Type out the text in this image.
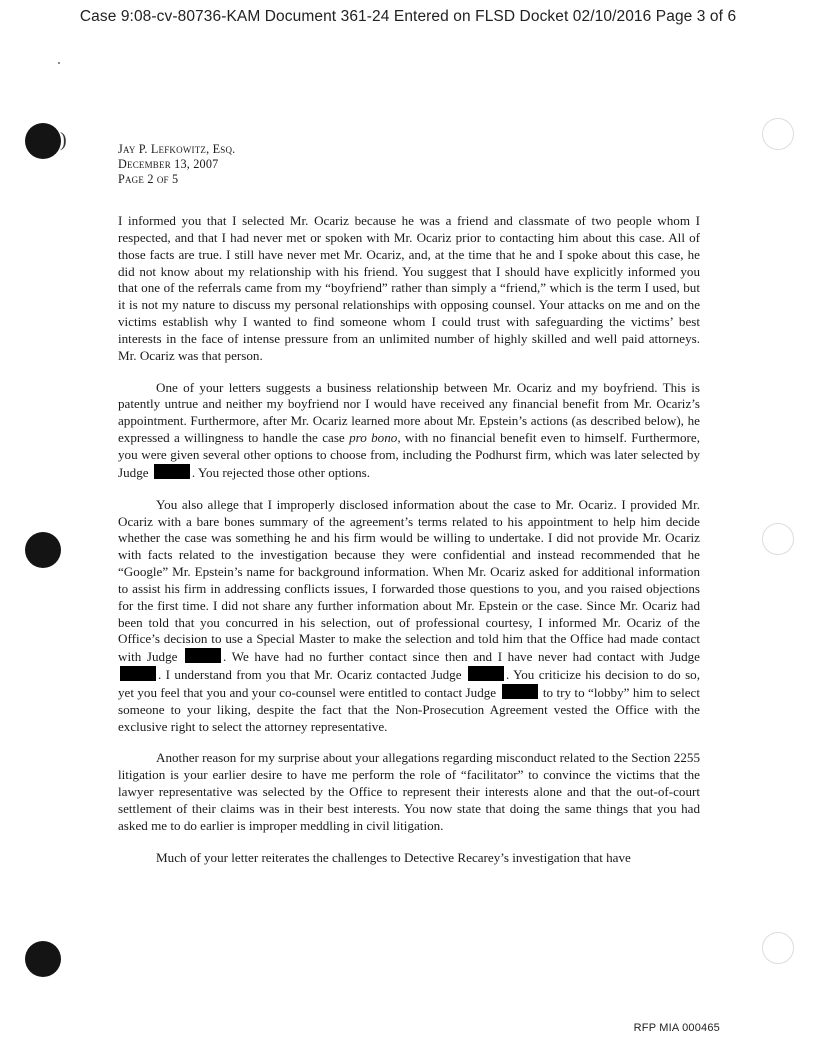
Case 9:08-cv-80736-KAM Document 361-24 Entered on FLSD Docket 02/10/2016 Page 3 of 6
)	Jay P. Lefkowitz, Esq.
December 13, 2007
Page 2 of 5

I informed you that I selected Mr. Ocariz because he was a friend and classmate of two people whom I respected, and that I had never met or spoken with Mr. Ocariz prior to contacting him about this case. All of those facts are true. I still have never met Mr. Ocariz, and, at the time that he and I spoke about this case, he did not know about my relationship with his friend. You suggest that I should have explicitly informed you that one of the referrals came from my “boyfriend” rather than simply a “friend,” which is the term I used, but it is not my nature to discuss my personal relationships with opposing counsel. Your attacks on me and on the victims establish why I wanted to find someone whom I could trust with safeguarding the victims’ best interests in the face of intense pressure from an unlimited number of highly skilled and well paid attorneys. Mr. Ocariz was that person.

One of your letters suggests a business relationship between Mr. Ocariz and my boyfriend. This is patently untrue and neither my boyfriend nor I would have received any financial benefit from Mr. Ocariz’s appointment. Furthermore, after Mr. Ocariz learned more about Mr. Epstein’s actions (as described below), he expressed a willingness to handle the case pro bono, with no financial benefit even to himself. Furthermore, you were given several other options to choose from, including the Podhurst firm, which was later selected by Judge	. You rejected those other options.

You also allege that I improperly disclosed information about the case to Mr. Ocariz. I provided Mr. Ocariz with a bare bones summary of the agreement’s terms related to his appointment to help him decide whether the case was something he and his firm would be willing to undertake. I did not provide Mr. Ocariz with facts related to the investigation because they were confidential and instead recommended that he “Google” Mr. Epstein’s name for background information. When Mr. Ocariz asked for additional information to assist his firm in addressing conflicts issues, I forwarded those questions to you, and you raised objections for the first time. I did not share any further information about Mr. Epstein or the case. Since Mr. Ocariz had been told that you concurred in his selection, out of professional courtesy, I informed Mr. Ocariz of the Office’s decision to use a Special Master to make the selection and told him that the Office had made contact with Judge	. We have had no further contact since then and I have never had contact with Judge . I understand from you that Mr. Ocariz contacted Judge	. You criticize his decision to do so, yet you feel that you and your co-counsel were entitled to contact Judge	to try to “lobby” him to select someone to your liking, despite the fact that the Non-Prosecution Agreement vested the Office with the exclusive right to select the attorney representative.

Another reason for my surprise about your allegations regarding misconduct related to the Section 2255 litigation is your earlier desire to have me perform the role of “facilitator” to convince the victims that the lawyer representative was selected by the Office to represent their interests alone and that the out-of-court settlement of their claims was in their best interests. You now state that doing the same things that you had asked me to do earlier is improper meddling in civil litigation.

Much of your letter reiterates the challenges to Detective Recarey’s investigation that have

RFP MIA 000465
